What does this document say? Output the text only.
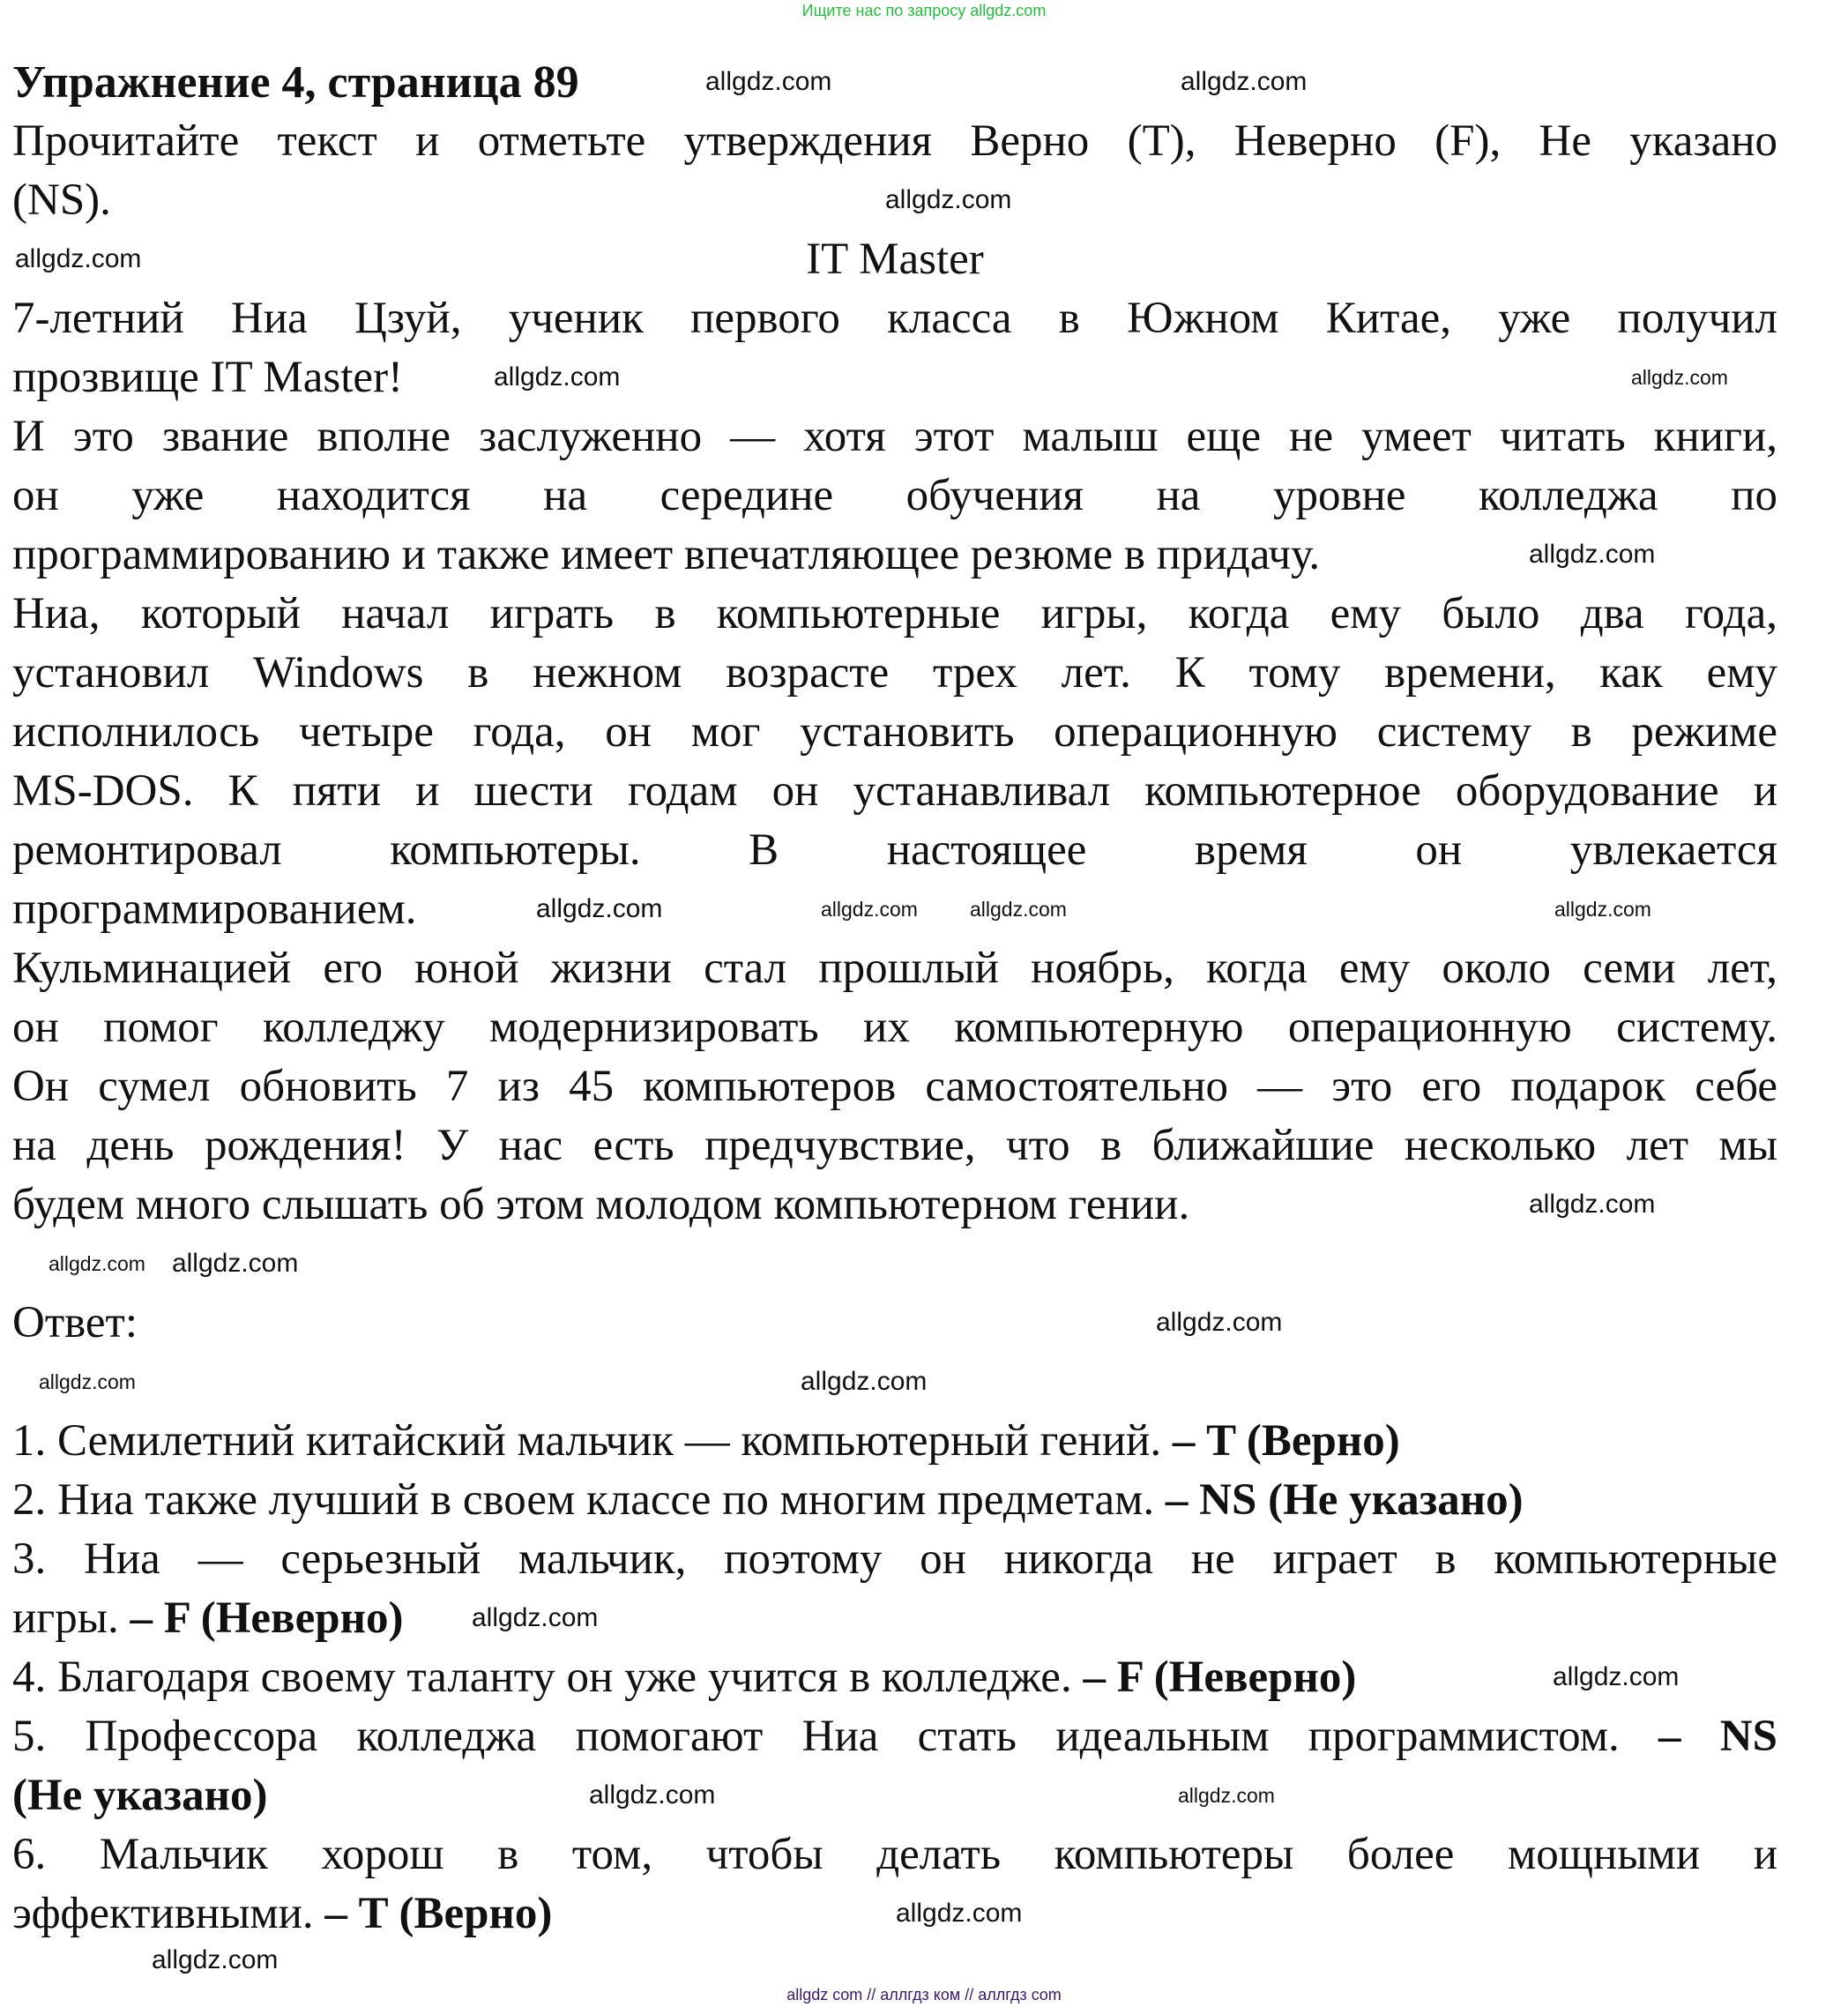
Ищите нас по запросу allgdz.com
Упражнение 4, страница 89
Прочитайте текст и отметьте утверждения Верно (T), Неверно (F), Не указано
(NS).
IT Master
7-летний Ниа Цзуй, ученик первого класса в Южном Китае, уже получил
прозвище IT Master!
И это звание вполне заслуженно — хотя этот малыш еще не умеет читать книги,
он уже находится на середине обучения на уровне колледжа по
программированию и также имеет впечатляющее резюме в придачу.
Ниа, который начал играть в компьютерные игры, когда ему было два года,
установил Windows в нежном возрасте трех лет. К тому времени, как ему
исполнилось четыре года, он мог установить операционную систему в режиме
MS-DOS. К пяти и шести годам он устанавливал компьютерное оборудование и
ремонтировал компьютеры. В настоящее время он увлекается
программированием.
Кульминацией его юной жизни стал прошлый ноябрь, когда ему около семи лет,
он помог колледжу модернизировать их компьютерную операционную систему.
Он сумел обновить 7 из 45 компьютеров самостоятельно — это его подарок себе
на день рождения! У нас есть предчувствие, что в ближайшие несколько лет мы
будем много слышать об этом молодом компьютерном гении.
Ответ:
1. Семилетний китайский мальчик — компьютерный гений. – T (Верно)
2. Ниа также лучший в своем классе по многим предметам. – NS (Не указано)
3. Ниа — серьезный мальчик, поэтому он никогда не играет в компьютерные
игры. – F (Неверно)
4. Благодаря своему таланту он уже учится в колледже. – F (Неверно)
5. Профессора колледжа помогают Ниа стать идеальным программистом. – NS
(Не указано)
6. Мальчик хорош в том, чтобы делать компьютеры более мощными и
эффективными. – T (Верно)
allgdz.com	allgdz.com
allgdz.com
allgdz.com
allgdz.com	allgdz.com
allgdz.com
allgdz.com	allgdz.com	allgdz.com	allgdz.com
allgdz.com allgdz.com
allgdz.com
allgdz.com
allgdz.com	allgdz.com
allgdz.com
allgdz.com
allgdz.com	allgdz.com
allgdz.com
allgdz.com
allgdz com // аллгдз ком // аллгдз com
